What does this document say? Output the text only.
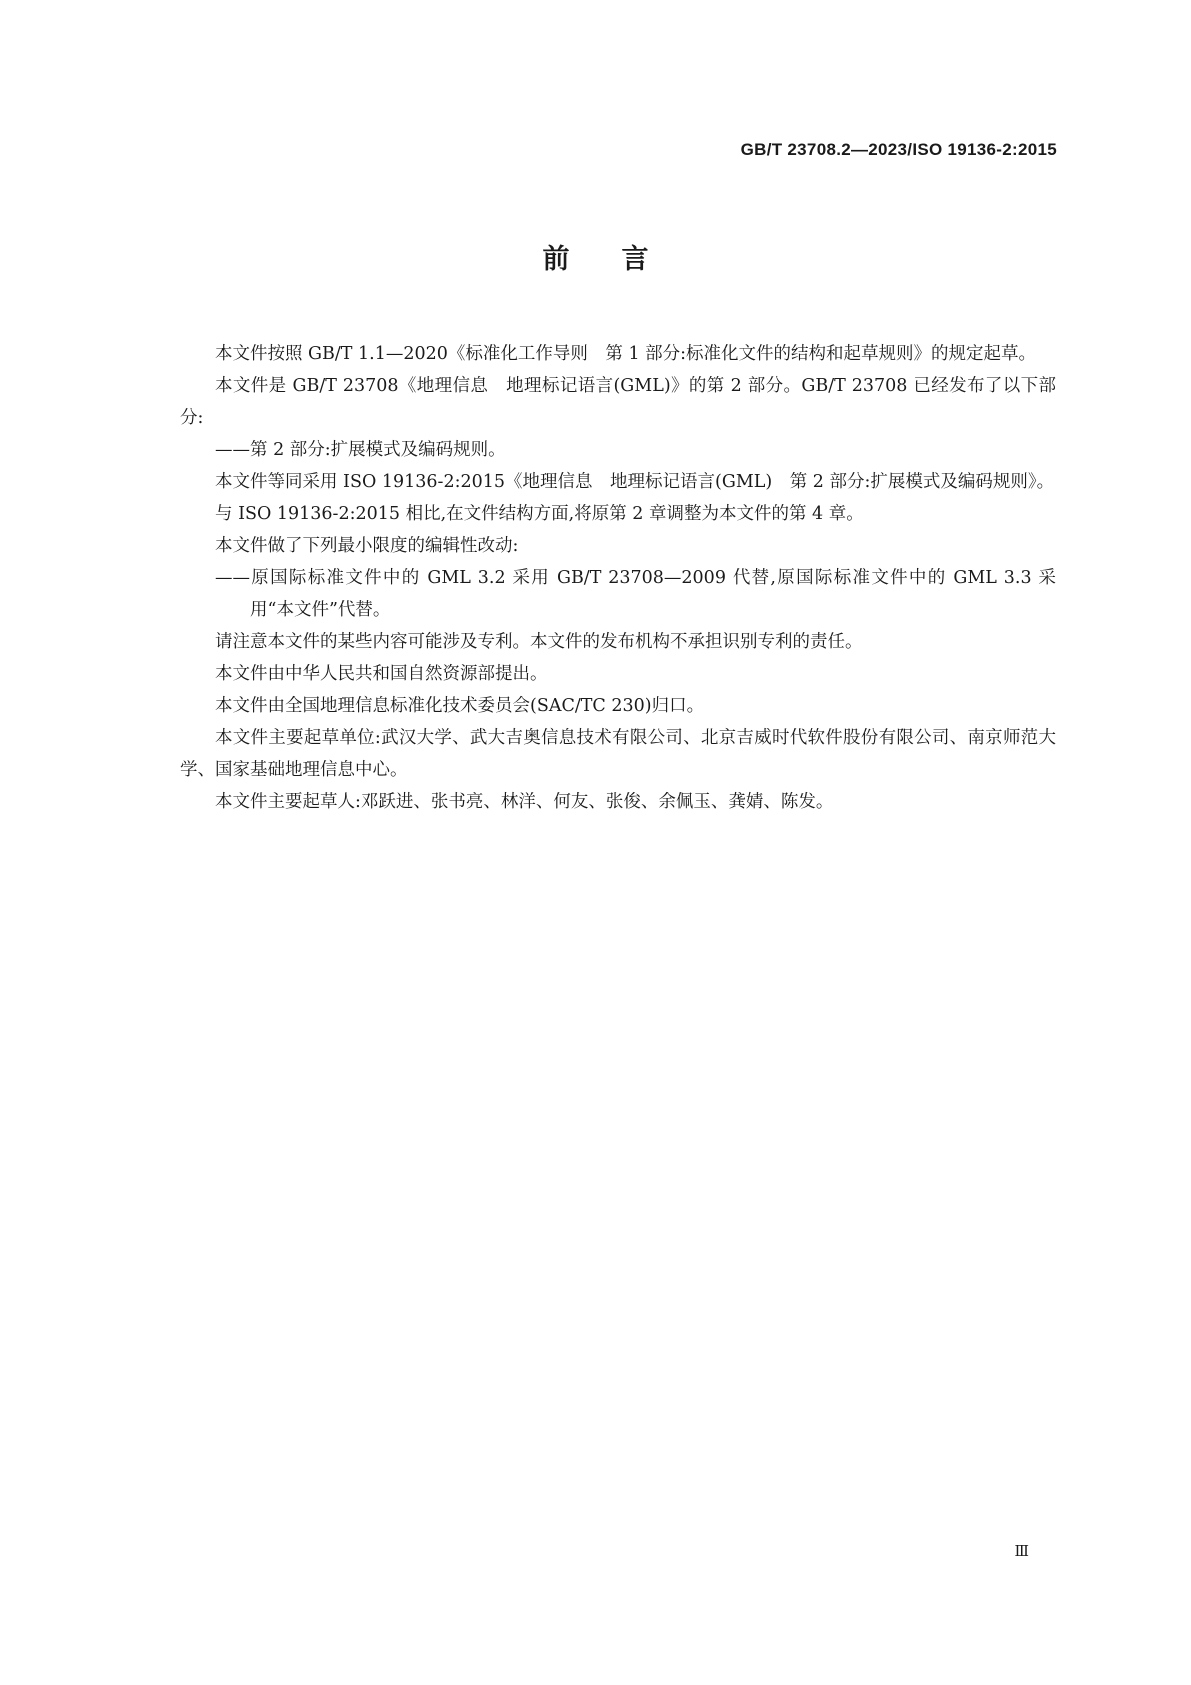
GB/T 23708.2—2023/ISO 19136-2:2015
前言

本文件按照 GB/T 1.1—2020《标准化工作导则　第 1 部分:标准化文件的结构和起草规则》的规定起草。

本文件是 GB/T 23708《地理信息　地理标记语言(GML)》的第 2 部分。GB/T 23708 已经发布了以下部分:

——第 2 部分:扩展模式及编码规则。

本文件等同采用 ISO 19136-2:2015《地理信息　地理标记语言(GML)　第 2 部分:扩展模式及编码规则》。

与 ISO 19136-2:2015 相比,在文件结构方面,将原第 2 章调整为本文件的第 4 章。

本文件做了下列最小限度的编辑性改动:

——原国际标准文件中的 GML 3.2 采用 GB/T 23708—2009 代替,原国际标准文件中的 GML 3.3 采用“本文件”代替。

请注意本文件的某些内容可能涉及专利。本文件的发布机构不承担识别专利的责任。

本文件由中华人民共和国自然资源部提出。

本文件由全国地理信息标准化技术委员会(SAC/TC 230)归口。

本文件主要起草单位:武汉大学、武大吉奥信息技术有限公司、北京吉威时代软件股份有限公司、南京师范大学、国家基础地理信息中心。

本文件主要起草人:邓跃进、张书亮、林洋、何友、张俊、余佩玉、龚婧、陈发。

Ⅲ
